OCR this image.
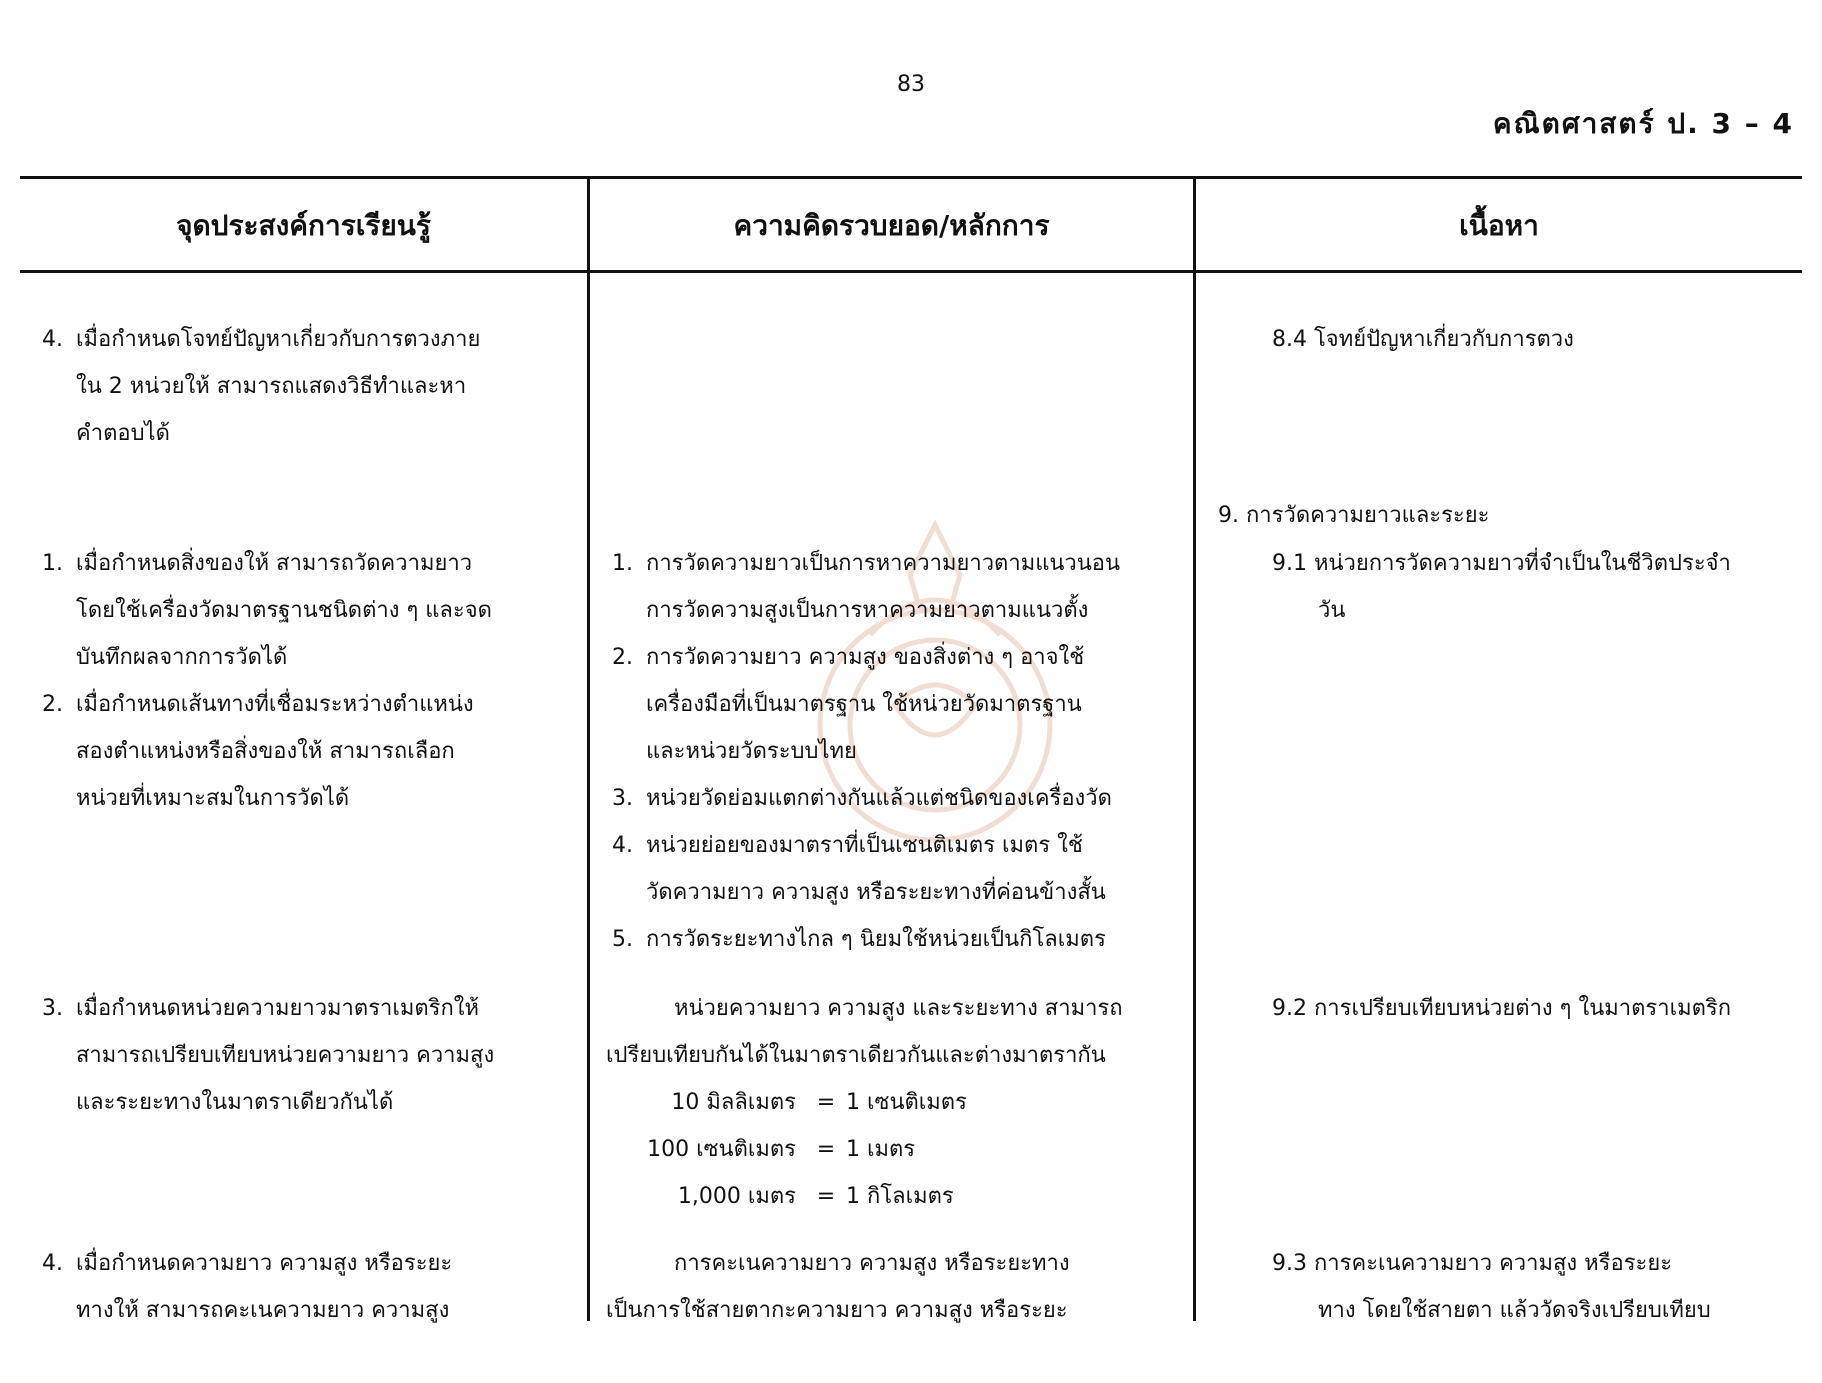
83
คณิตศาสตร์ ป. 3 – 4
จุดประสงค์การเรียนรู้	ความคิดรวบยอด/หลักการ	เนื้อหา
4. เมื่อกำหนดโจทย์ปัญหาเกี่ยวกับการตวงภาย
ใน 2 หน่วยให้ สามารถแสดงวิธีทำและหา
คำตอบได้
1. เมื่อกำหนดสิ่งของให้ สามารถวัดความยาว
โดยใช้เครื่องวัดมาตรฐานชนิดต่าง ๆ และจด
บันทึกผลจากการวัดได้
2. เมื่อกำหนดเส้นทางที่เชื่อมระหว่างตำแหน่ง
สองตำแหน่งหรือสิ่งของให้ สามารถเลือก
หน่วยที่เหมาะสมในการวัดได้
3. เมื่อกำหนดหน่วยความยาวมาตราเมตริกให้
สามารถเปรียบเทียบหน่วยความยาว ความสูง
และระยะทางในมาตราเดียวกันได้
4. เมื่อกำหนดความยาว ความสูง หรือระยะ
ทางให้ สามารถคะเนความยาว ความสูง
1. การวัดความยาวเป็นการหาความยาวตามแนวนอน
การวัดความสูงเป็นการหาความยาวตามแนวตั้ง
2. การวัดความยาว ความสูง ของสิ่งต่าง ๆ อาจใช้
เครื่องมือที่เป็นมาตรฐาน ใช้หน่วยวัดมาตรฐาน
และหน่วยวัดระบบไทย
3. หน่วยวัดย่อมแตกต่างกันแล้วแต่ชนิดของเครื่องวัด
4. หน่วยย่อยของมาตราที่เป็นเซนติเมตร เมตร ใช้
วัดความยาว ความสูง หรือระยะทางที่ค่อนข้างสั้น
5. การวัดระยะทางไกล ๆ นิยมใช้หน่วยเป็นกิโลเมตร
หน่วยความยาว ความสูง และระยะทาง สามารถ
เปรียบเทียบกันได้ในมาตราเดียวกันและต่างมาตรากัน
10 มิลลิเมตร = 1 เซนติเมตร
100 เซนติเมตร = 1 เมตร
1,000 เมตร = 1 กิโลเมตร
การคะเนความยาว ความสูง หรือระยะทาง
เป็นการใช้สายตากะความยาว ความสูง หรือระยะ
8.4 โจทย์ปัญหาเกี่ยวกับการตวง
9. การวัดความยาวและระยะ
9.1 หน่วยการวัดความยาวที่จำเป็นในชีวิตประจำ
วัน
9.2 การเปรียบเทียบหน่วยต่าง ๆ ในมาตราเมตริก
9.3 การคะเนความยาว ความสูง หรือระยะ
ทาง โดยใช้สายตา แล้ววัดจริงเปรียบเทียบ
